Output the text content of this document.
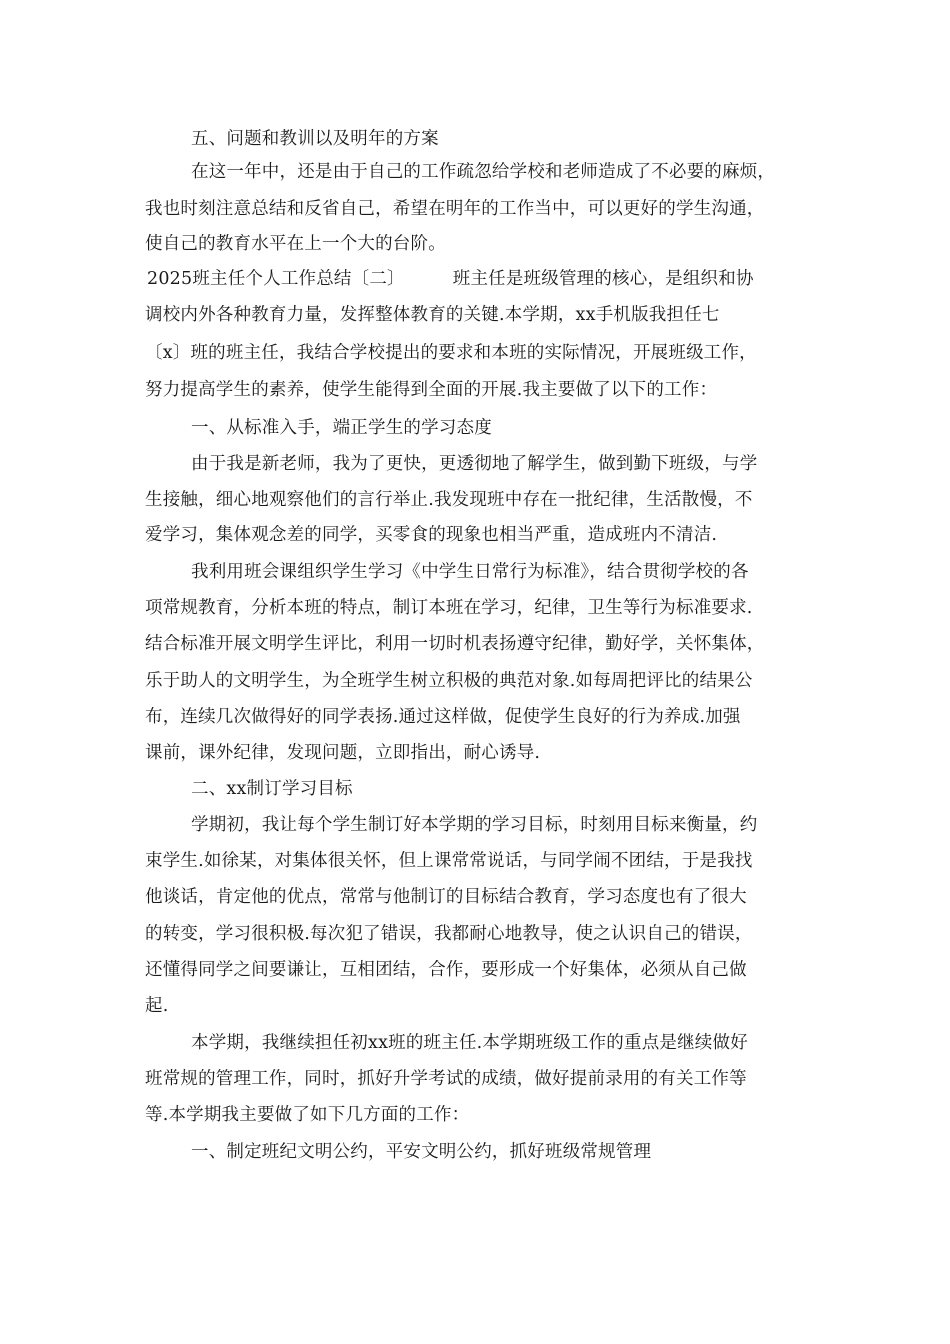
五、问题和教训以及明年的方案
在这一年中，还是由于自己的工作疏忽给学校和老师造成了不必要的麻烦，
我也时刻注意总结和反省自己，希望在明年的工作当中，可以更好的学生沟通，
使自己的教育水平在上一个大的台阶。
2025班主任个人工作总结〔二〕	班主任是班级管理的核心，是组织和协
调校内外各种教育力量，发挥整体教育的关键.本学期，xx手机版我担任七
〔x〕班的班主任，我结合学校提出的要求和本班的实际情况，开展班级工作，
努力提高学生的素养，使学生能得到全面的开展.我主要做了以下的工作：
一、从标准入手，端正学生的学习态度
由于我是新老师，我为了更快，更透彻地了解学生，做到勤下班级，与学
生接触，细心地观察他们的言行举止.我发现班中存在一批纪律，生活散慢，不
爱学习，集体观念差的同学，买零食的现象也相当严重，造成班内不清洁.
我利用班会课组织学生学习《中学生日常行为标准》，结合贯彻学校的各
项常规教育，分析本班的特点，制订本班在学习，纪律，卫生等行为标准要求.
结合标准开展文明学生评比，利用一切时机表扬遵守纪律，勤好学，关怀集体，
乐于助人的文明学生，为全班学生树立积极的典范对象.如每周把评比的结果公
布，连续几次做得好的同学表扬.通过这样做，促使学生良好的行为养成.加强
课前，课外纪律，发现问题，立即指出，耐心诱导.
二、xx制订学习目标
学期初，我让每个学生制订好本学期的学习目标，时刻用目标来衡量，约
束学生.如徐某，对集体很关怀，但上课常常说话，与同学闹不团结，于是我找
他谈话，肯定他的优点，常常与他制订的目标结合教育，学习态度也有了很大
的转变，学习很积极.每次犯了错误，我都耐心地教导，使之认识自己的错误，
还懂得同学之间要谦让，互相团结，合作，要形成一个好集体，必须从自己做
起.
本学期，我继续担任初xx班的班主任.本学期班级工作的重点是继续做好
班常规的管理工作，同时，抓好升学考试的成绩，做好提前录用的有关工作等
等.本学期我主要做了如下几方面的工作：
一、制定班纪文明公约，平安文明公约，抓好班级常规管理
